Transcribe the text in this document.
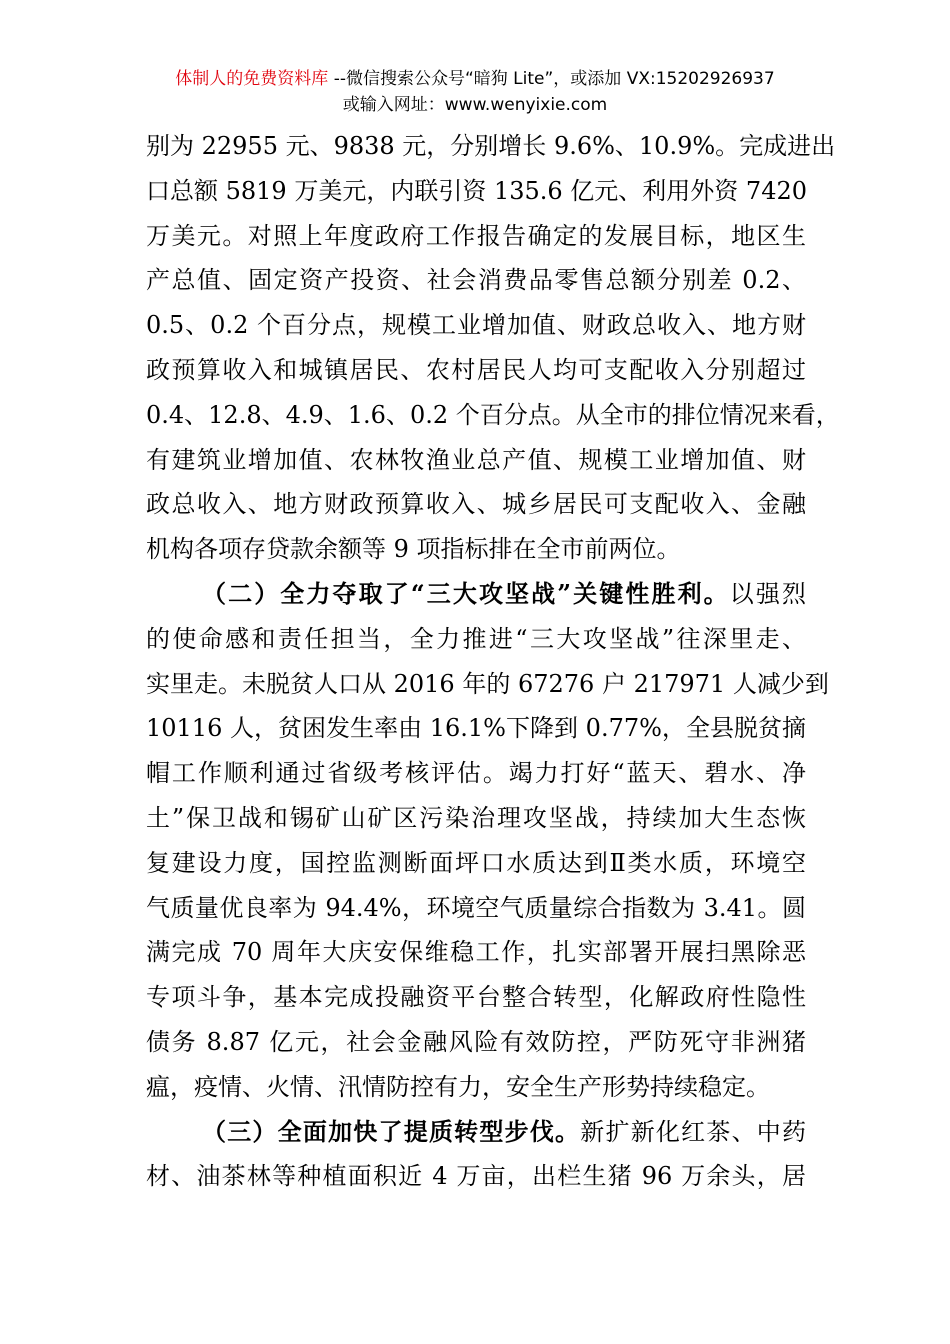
体制人的免费资料库 --微信搜索公众号“暗狗 Lite”，或添加 VX:15202926937
或输入网址：www.wenyixie.com
别为 22955 元、9838 元，分别增长 9.6%、10.9%。完成进出
口总额 5819 万美元，内联引资 135.6 亿元、利用外资 7420
万美元。对照上年度政府工作报告确定的发展目标，地区生
产总值、固定资产投资、社会消费品零售总额分别差 0.2、
0.5、0.2 个百分点，规模工业增加值、财政总收入、地方财
政预算收入和城镇居民、农村居民人均可支配收入分别超过
0.4、12.8、4.9、1.6、0.2 个百分点。从全市的排位情况来看，
有建筑业增加值、农林牧渔业总产值、规模工业增加值、财
政总收入、地方财政预算收入、城乡居民可支配收入、金融
机构各项存贷款余额等 9 项指标排在全市前两位。
（二）全力夺取了“三大攻坚战”关键性胜利。以强烈
的使命感和责任担当，全力推进“三大攻坚战”往深里走、
实里走。未脱贫人口从 2016 年的 67276 户 217971 人减少到
10116 人，贫困发生率由 16.1%下降到 0.77%，全县脱贫摘
帽工作顺利通过省级考核评估。竭力打好“蓝天、碧水、净
土”保卫战和锡矿山矿区污染治理攻坚战，持续加大生态恢
复建设力度，国控监测断面坪口水质达到Ⅱ类水质，环境空
气质量优良率为 94.4%，环境空气质量综合指数为 3.41。圆
满完成 70 周年大庆安保维稳工作，扎实部署开展扫黑除恶
专项斗争，基本完成投融资平台整合转型，化解政府性隐性
债务 8.87 亿元，社会金融风险有效防控，严防死守非洲猪
瘟，疫情、火情、汛情防控有力，安全生产形势持续稳定。
（三）全面加快了提质转型步伐。新扩新化红茶、中药
材、油茶林等种植面积近 4 万亩，出栏生猪 96 万余头，居
